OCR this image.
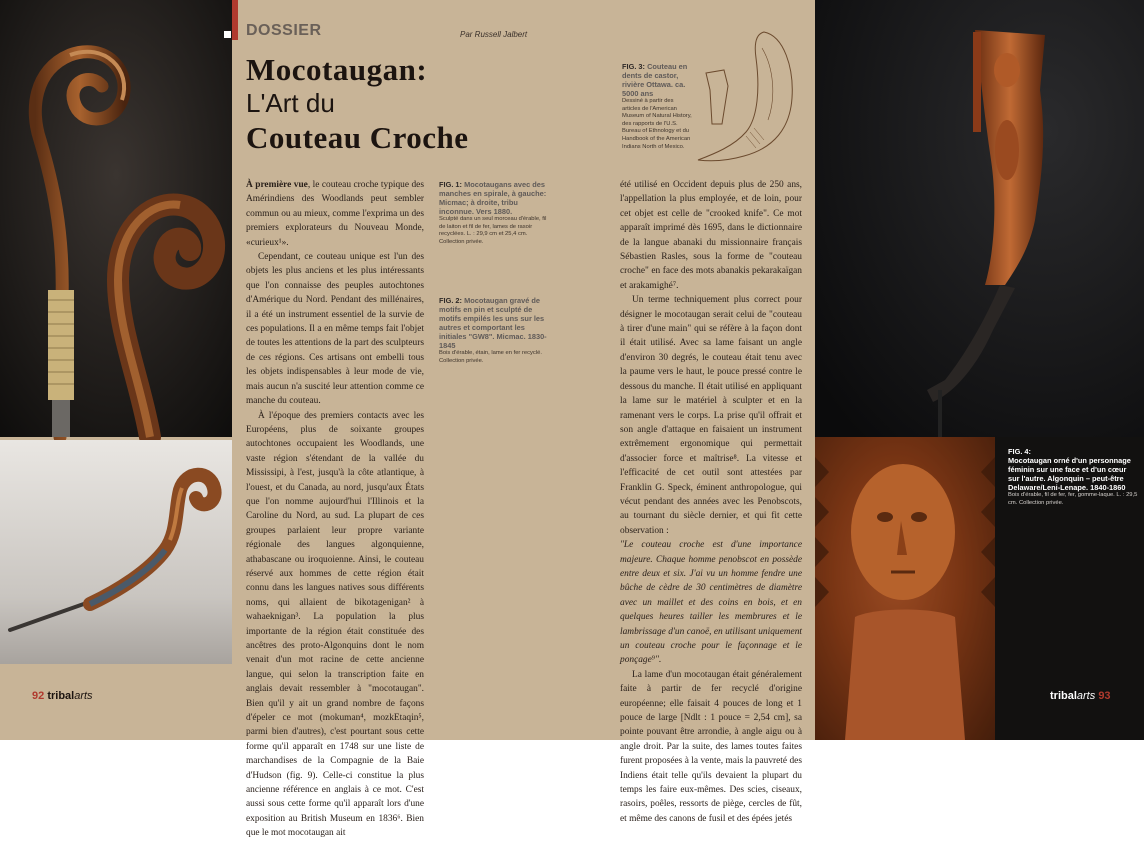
DOSSIER	Par Russell Jalbert
Mocotaugan:
L'Art du
Couteau Croche

À première vue, le couteau croche typique des Amérindiens des Woodlands peut sembler commun ou au mieux, comme l'exprima un des premiers explorateurs du Nouveau Monde, «curieux¹».

Cependant, ce couteau unique est l'un des objets les plus anciens et les plus intéressants que l'on connaisse des peuples autochtones d'Amérique du Nord. Pendant des millénaires, il a été un instrument essentiel de la survie de ces populations. Il a en même temps fait l'objet de toutes les attentions de la part des sculpteurs de ces régions. Ces artisans ont embelli tous les objets indispensables à leur mode de vie, mais aucun n'a suscité leur attention comme ce manche du couteau.

À l'époque des premiers contacts avec les Européens, plus de soixante groupes autochtones occupaient les Woodlands, une vaste région s'étendant de la vallée du Mississipi, à l'est, jusqu'à la côte atlantique, à l'ouest, et du Canada, au nord, jusqu'aux États que l'on nomme aujourd'hui l'Illinois et la Caroline du Nord, au sud. La plupart de ces groupes parlaient leur propre variante régionale des langues algonquienne, athabascane ou iroquoienne. Ainsi, le couteau réservé aux hommes de cette région était connu dans les langues natives sous différents noms, qui allaient de bikotagenigan² à wahaeknigan³. La population la plus importante de la région était constituée des ancêtres des proto-Algonquins dont le nom venait d'un mot racine de cette ancienne langue, qui selon la transcription faite en anglais devait ressembler à "mocotaugan". Bien qu'il y ait un grand nombre de façons d'épeler ce mot (mokuman⁴, mozkEtaqin⁵, parmi bien d'autres), c'est pourtant sous cette forme qu'il apparaît en 1748 sur une liste de marchandises de la Compagnie de la Baie d'Hudson (fig. 9). Celle-ci constitue la plus ancienne référence en anglais à ce mot. C'est aussi sous cette forme qu'il apparaît lors d'une exposition au British Museum en 1836⁶. Bien que le mot mocotaugan ait

FIG. 1: Mocotaugans avec des manches en spirale, à gauche: Micmac; à droite, tribu inconnue. Vers 1880.
Sculpté dans un seul morceau d'érable, fil de laiton et fil de fer, lames de rasoir recyclées. L. : 29,9 cm et 25,4 cm. Collection privée.
FIG. 2: Mocotaugan gravé de motifs en pin et sculpté de motifs empilés les uns sur les autres et comportant les initiales "GW8". Micmac. 1830-1845
Bois d'érable, étain, lame en fer recyclé. Collection privée.
92 tribalarts
FIG. 3: Couteau en dents de castor, rivière Ottawa. ca. 5000 ans
Dessiné à partir des articles de l'American Museum of Natural History, des rapports de l'U.S. Bureau of Ethnology et du Handbook of the American Indians North of Mexico.

été utilisé en Occident depuis plus de 250 ans, l'appellation la plus employée, et de loin, pour cet objet est celle de "crooked knife". Ce mot apparaît imprimé dès 1695, dans le dictionnaire de la langue abanaki du missionnaire français Sébastien Rasles, sous la forme de "couteau croche" en face des mots abanakis pekarakaïgan et arakamighé⁷.

Un terme techniquement plus correct pour désigner le mocotaugan serait celui de "couteau à tirer d'une main" qui se réfère à la façon dont il était utilisé. Avec sa lame faisant un angle d'environ 30 degrés, le couteau était tenu avec la paume vers le haut, le pouce pressé contre le dessous du manche. Il était utilisé en appliquant la lame sur le matériel à sculpter et en la ramenant vers le corps. La prise qu'il offrait et son angle d'attaque en faisaient un instrument extrêmement ergonomique qui permettait d'associer force et maîtrise⁸. La vitesse et l'efficacité de cet outil sont attestées par Franklin G. Speck, éminent anthropologue, qui vécut pendant des années avec les Penobscots, au tournant du siècle dernier, et qui fit cette observation :

"Le couteau croche est d'une importance majeure. Chaque homme penobscot en possède entre deux et six. J'ai vu un homme fendre une bûche de cèdre de 30 centimètres de diamètre avec un maillet et des coins en bois, et en quelques heures tailler les membrures et le lambrissage d'un canoë, en utilisant uniquement un couteau croche pour le façonnage et le ponçage⁹".

La lame d'un mocotaugan était généralement faite à partir de fer recyclé d'origine européenne; elle faisait 4 pouces de long et 1 pouce de large [Ndlt : 1 pouce = 2,54 cm], sa pointe pouvant être arrondie, à angle aigu ou à angle droit. Par la suite, des lames toutes faites furent proposées à la vente, mais la pauvreté des Indiens était telle qu'ils devaient la plupart du temps les faire eux-mêmes. Des scies, ciseaux, rasoirs, poêles, ressorts de piège, cercles de fût, et même des canons de fusil et des épées jetés

FIG. 4:
Mocotaugan orné d'un personnage féminin sur une face et d'un cœur sur l'autre. Algonquin – peut-être Delaware/Leni-Lenape. 1840-1860
Bois d'érable, fil de fer, fer, gomme-laque. L. : 29,5 cm. Collection privée.
tribalarts 93
